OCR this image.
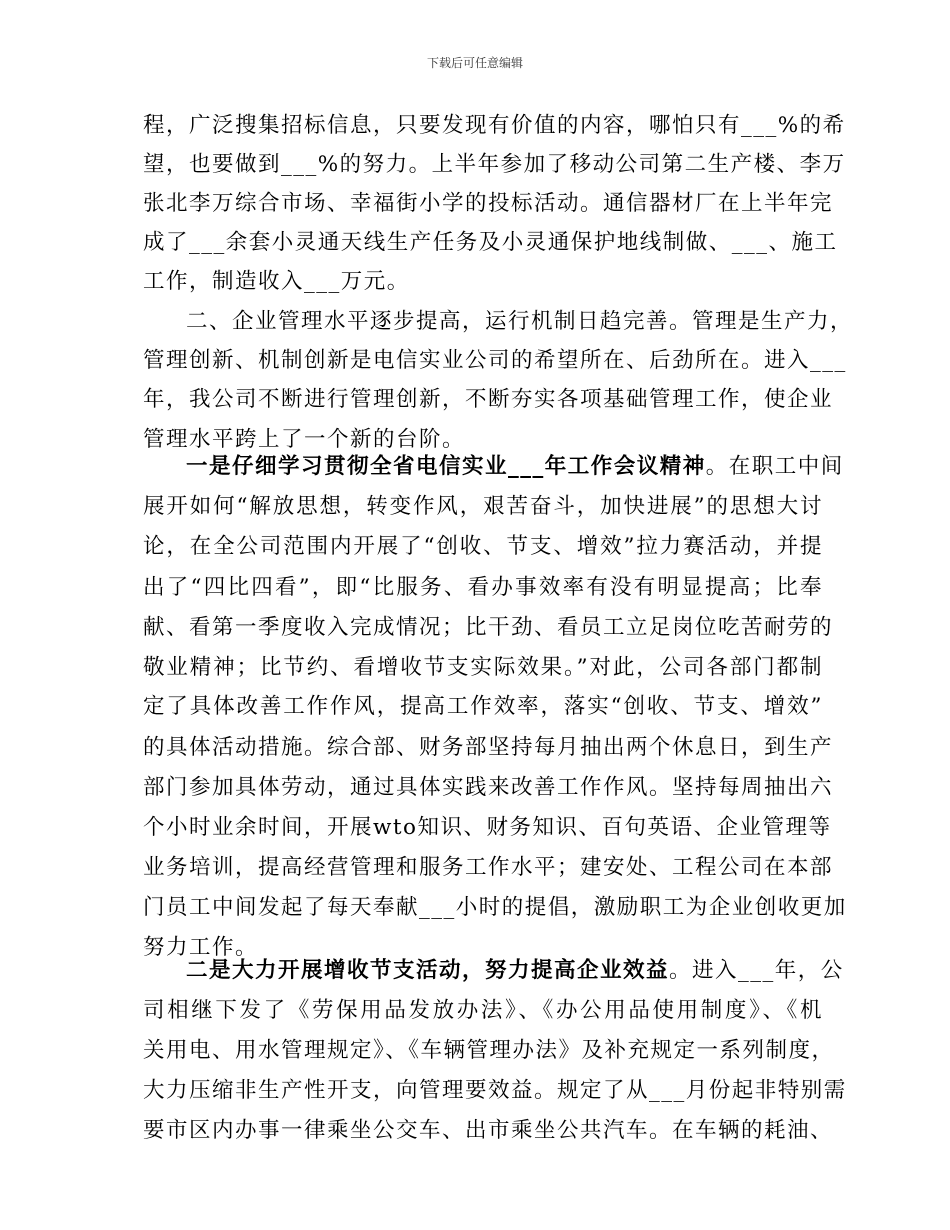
下载后可任意编辑
程，广泛搜集招标信息，只要发现有价值的内容，哪怕只有___%的希
望，也要做到___%的努力。上半年参加了移动公司第二生产楼、李万
张北李万综合市场、幸福街小学的投标活动。通信器材厂在上半年完
成了___余套小灵通天线生产任务及小灵通保护地线制做、___、施工
工作，制造收入___万元。
二、企业管理水平逐步提高，运行机制日趋完善。管理是生产力，
管理创新、机制创新是电信实业公司的希望所在、后劲所在。进入___
年，我公司不断进行管理创新，不断夯实各项基础管理工作，使企业
管理水平跨上了一个新的台阶。
一是仔细学习贯彻全省电信实业___年工作会议精神。在职工中间
展开如何“解放思想，转变作风，艰苦奋斗，加快进展”的思想大讨
论，在全公司范围内开展了“创收、节支、增效”拉力赛活动，并提
出了“四比四看”，即“比服务、看办事效率有没有明显提高；比奉
献、看第一季度收入完成情况；比干劲、看员工立足岗位吃苦耐劳的
敬业精神；比节约、看增收节支实际效果。”对此，公司各部门都制
定了具体改善工作作风，提高工作效率，落实“创收、节支、增效”
的具体活动措施。综合部、财务部坚持每月抽出两个休息日，到生产
部门参加具体劳动，通过具体实践来改善工作作风。坚持每周抽出六
个小时业余时间，开展wto知识、财务知识、百句英语、企业管理等
业务培训，提高经营管理和服务工作水平；建安处、工程公司在本部
门员工中间发起了每天奉献___小时的提倡，激励职工为企业创收更加
努力工作。
二是大力开展增收节支活动，努力提高企业效益。进入___年，公
司相继下发了《劳保用品发放办法》、《办公用品使用制度》、《机
关用电、用水管理规定》、《车辆管理办法》及补充规定一系列制度，
大力压缩非生产性开支，向管理要效益。规定了从___月份起非特别需
要市区内办事一律乘坐公交车、出市乘坐公共汽车。在车辆的耗油、
